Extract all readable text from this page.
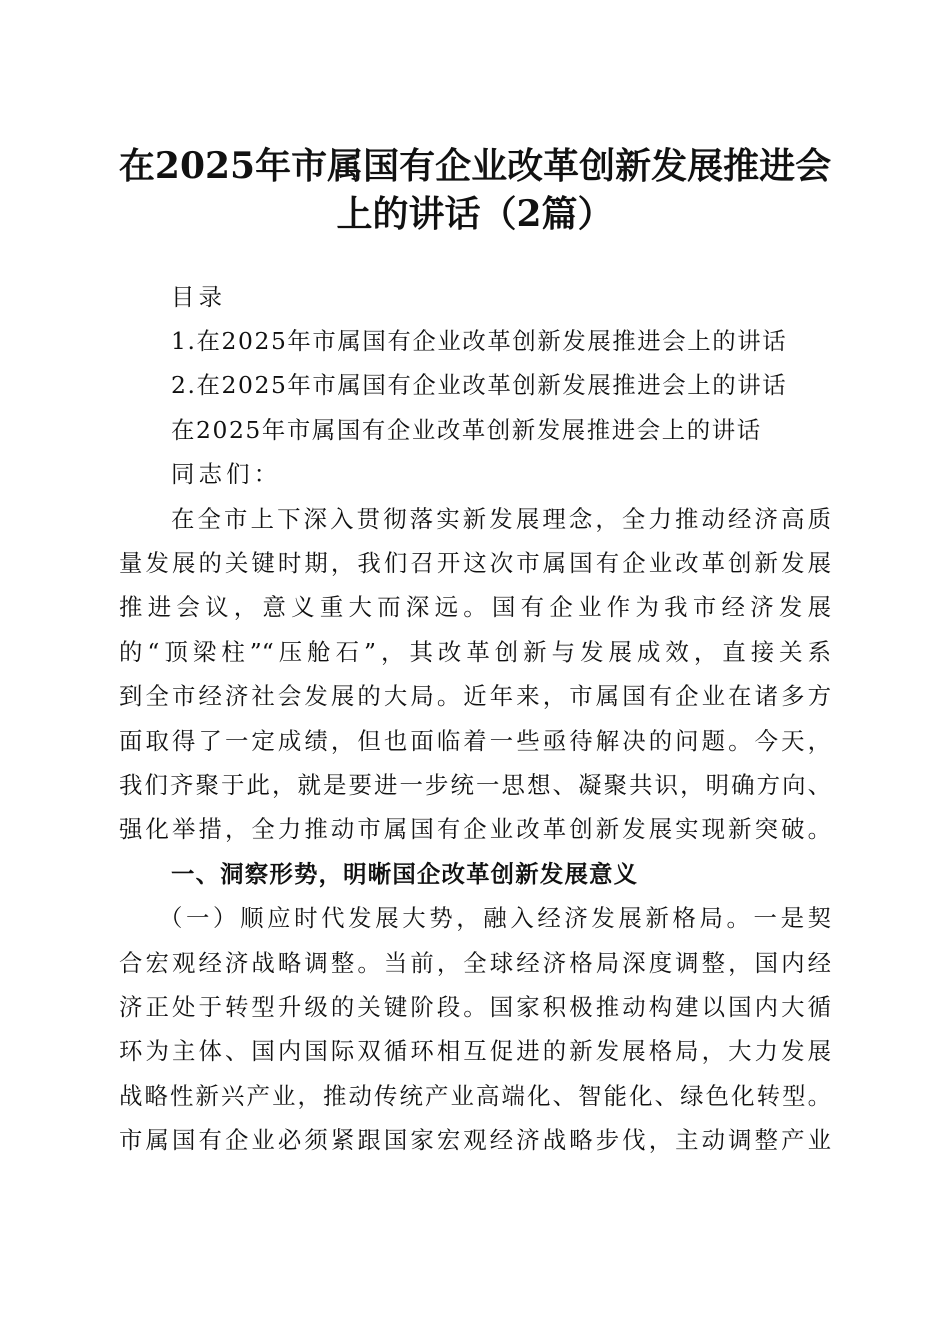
在2025年市属国有企业改革创新发展推进会
上的讲话（2篇）
目录
1.在2025年市属国有企业改革创新发展推进会上的讲话
2.在2025年市属国有企业改革创新发展推进会上的讲话
在2025年市属国有企业改革创新发展推进会上的讲话
同志们：
在全市上下深入贯彻落实新发展理念，全力推动经济高质
量发展的关键时期，我们召开这次市属国有企业改革创新发展
推进会议，意义重大而深远。国有企业作为我市经济发展
的“顶梁柱”“压舱石”，其改革创新与发展成效，直接关系
到全市经济社会发展的大局。近年来，市属国有企业在诸多方
面取得了一定成绩，但也面临着一些亟待解决的问题。今天，
我们齐聚于此，就是要进一步统一思想、凝聚共识，明确方向、
强化举措，全力推动市属国有企业改革创新发展实现新突破。
一、洞察形势，明晰国企改革创新发展意义
（一）顺应时代发展大势，融入经济发展新格局。一是契
合宏观经济战略调整。当前，全球经济格局深度调整，国内经
济正处于转型升级的关键阶段。国家积极推动构建以国内大循
环为主体、国内国际双循环相互促进的新发展格局，大力发展
战略性新兴产业，推动传统产业高端化、智能化、绿色化转型。
市属国有企业必须紧跟国家宏观经济战略步伐，主动调整产业
